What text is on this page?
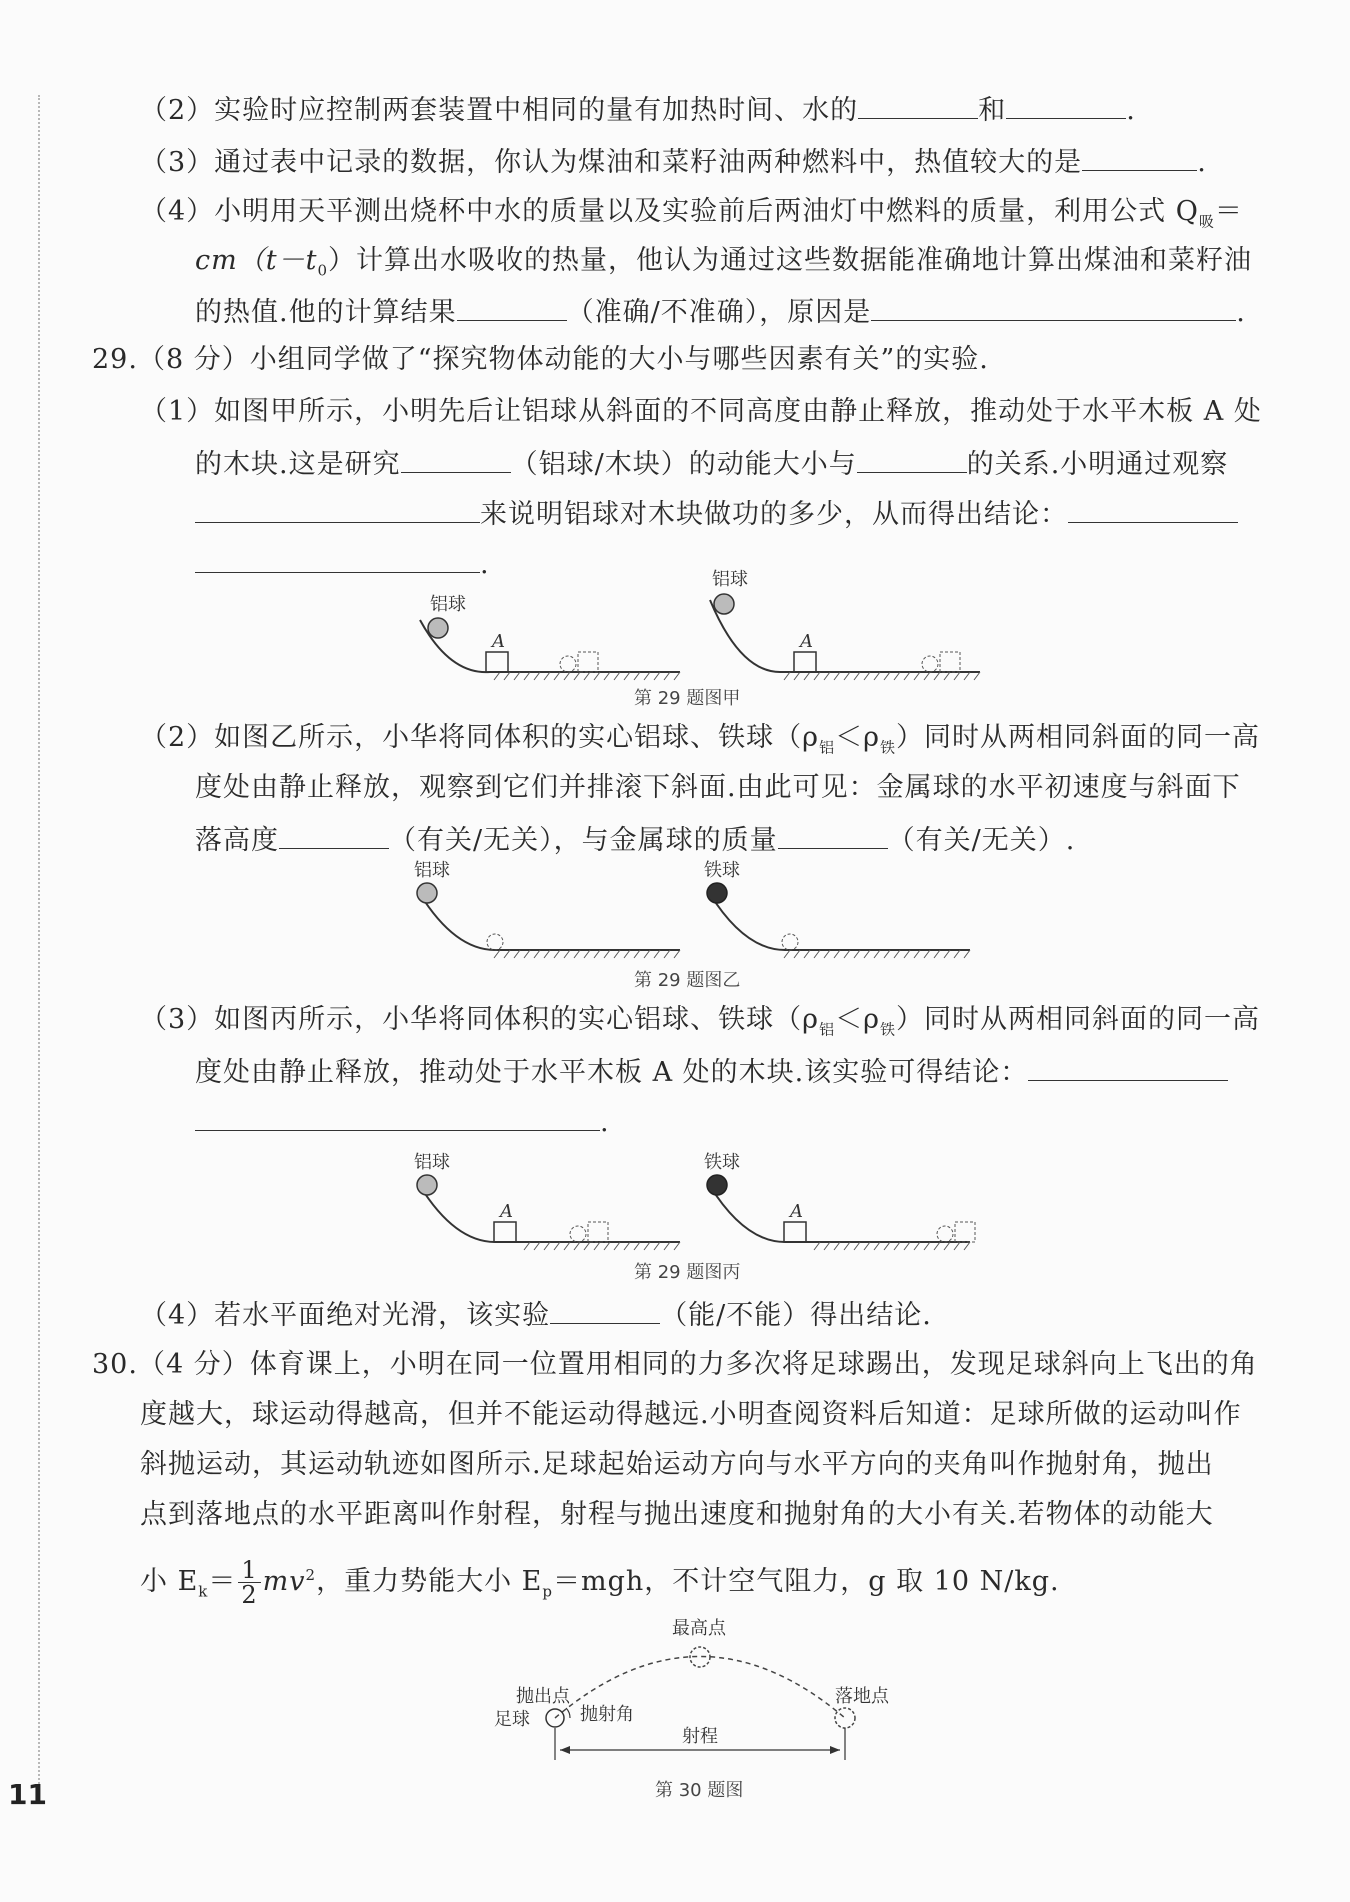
（2）实验时应控制两套装置中相同的量有加热时间、水的	和	.
（3）通过表中记录的数据，你认为煤油和菜籽油两种燃料中，热值较大的是	.
（4）小明用天平测出烧杯中水的质量以及实验前后两油灯中燃料的质量，利用公式 $Q_吸=$
$cm(t-t_0)$计算出水吸收的热量，他认为通过这些数据能准确地计算出煤油和菜籽油
的热值.他的计算结果	（准确/不准确），原因是	.
29.（8 分）小组同学做了“探究物体动能的大小与哪些因素有关”的实验.
（1）如图甲所示，小明先后让铝球从斜面的不同高度由静止释放，推动处于水平木板 A 处
的木块.这是研究	（铝球/木块）的动能大小与	的关系.小明通过观察
来说明铝球对木块做功的多少，从而得出结论：
.
铝球
A
铝球
A
第 29 题图甲
（2）如图乙所示，小华将同体积的实心铝球、铁球$(\rho_铝<\rho_铁)$同时从两相同斜面的同一高
度处由静止释放，观察到它们并排滚下斜面.由此可见：金属球的水平初速度与斜面下
落高度	（有关/无关），与金属球的质量	（有关/无关）.
铝球	铁球
第 29 题图乙
（3）如图丙所示，小华将同体积的实心铝球、铁球$(\rho_铝<\rho_铁)$同时从两相同斜面的同一高
度处由静止释放，推动处于水平木板 A 处的木块.该实验可得结论：
.
铝球
A
铁球
A
第 29 题图丙
（4）若水平面绝对光滑，该实验	（能/不能）得出结论.
30.（4 分）体育课上，小明在同一位置用相同的力多次将足球踢出，发现足球斜向上飞出的角
度越大，球运动得越高，但并不能运动得越远.小明查阅资料后知道：足球所做的运动叫作
斜抛运动，其运动轨迹如图所示.足球起始运动方向与水平方向的夹角叫作抛射角，抛出
点到落地点的水平距离叫作射程，射程与抛出速度和抛射角的大小有关.若物体的动能大
小 $E_k= \frac{1}{2} mv^2$，重力势能大小 $E_p=mgh$，不计空气阻力，g 取 10 N/kg.
最高点
抛出点
足球	抛射角
落地点
射程
第 30 题图
11
